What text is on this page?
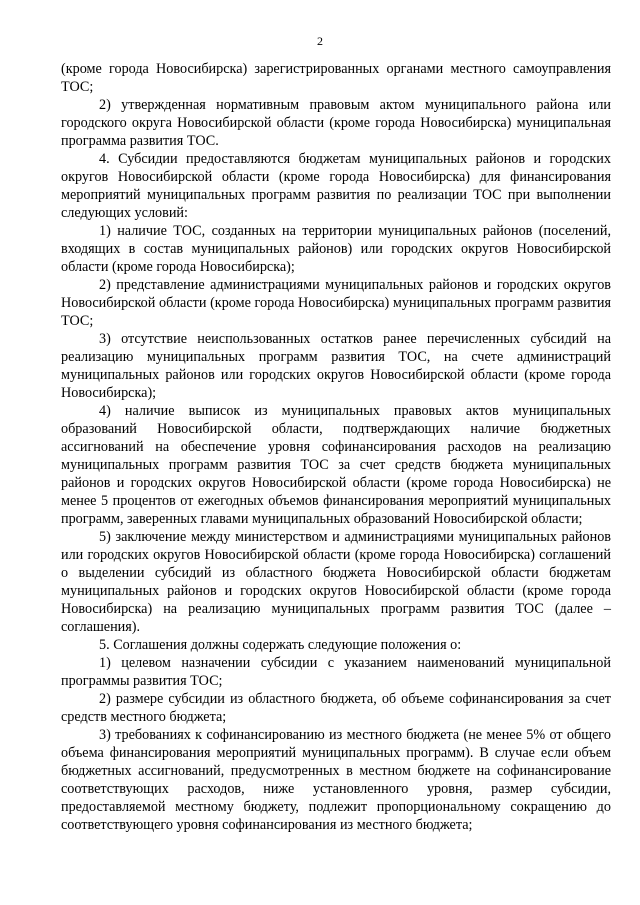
2

(кроме города Новосибирска) зарегистрированных органами местного самоуправления ТОС;

2) утвержденная нормативным правовым актом муниципального района или городского округа Новосибирской области (кроме города Новосибирска) муниципальная программа развития ТОС.

4. Субсидии предоставляются бюджетам муниципальных районов и городских округов Новосибирской области (кроме города Новосибирска) для финансирования мероприятий муниципальных программ развития по реализации ТОС при выполнении следующих условий:

1) наличие ТОС, созданных на территории муниципальных районов (поселений, входящих в состав муниципальных районов) или городских округов Новосибирской области (кроме города Новосибирска);

2) представление администрациями муниципальных районов и городских округов Новосибирской области (кроме города Новосибирска) муниципальных программ развития ТОС;

3) отсутствие неиспользованных остатков ранее перечисленных субсидий на реализацию муниципальных программ развития ТОС, на счете администраций муниципальных районов или городских округов Новосибирской области (кроме города Новосибирска);

4) наличие выписок из муниципальных правовых актов муниципальных образований Новосибирской области, подтверждающих наличие бюджетных ассигнований на обеспечение уровня софинансирования расходов на реализацию муниципальных программ развития ТОС за счет средств бюджета муниципальных районов и городских округов Новосибирской области (кроме города Новосибирска) не менее 5 процентов от ежегодных объемов финансирования мероприятий муниципальных программ, заверенных главами муниципальных образований Новосибирской области;

5) заключение между министерством и администрациями муниципальных районов или городских округов Новосибирской области (кроме города Новосибирска) соглашений о выделении субсидий из областного бюджета Новосибирской области бюджетам муниципальных районов и городских округов Новосибирской области (кроме города Новосибирска) на реализацию муниципальных программ развития ТОС (далее – соглашения).

5. Соглашения должны содержать следующие положения о:

1) целевом назначении субсидии с указанием наименований муниципальной программы развития ТОС;

2) размере субсидии из областного бюджета, об объеме софинансирования за счет средств местного бюджета;

3) требованиях к софинансированию из местного бюджета (не менее 5% от общего объема финансирования мероприятий муниципальных программ). В случае если объем бюджетных ассигнований, предусмотренных в местном бюджете на софинансирование соответствующих расходов, ниже установленного уровня, размер субсидии, предоставляемой местному бюджету, подлежит пропорциональному сокращению до соответствующего уровня софинансирования из местного бюджета;
